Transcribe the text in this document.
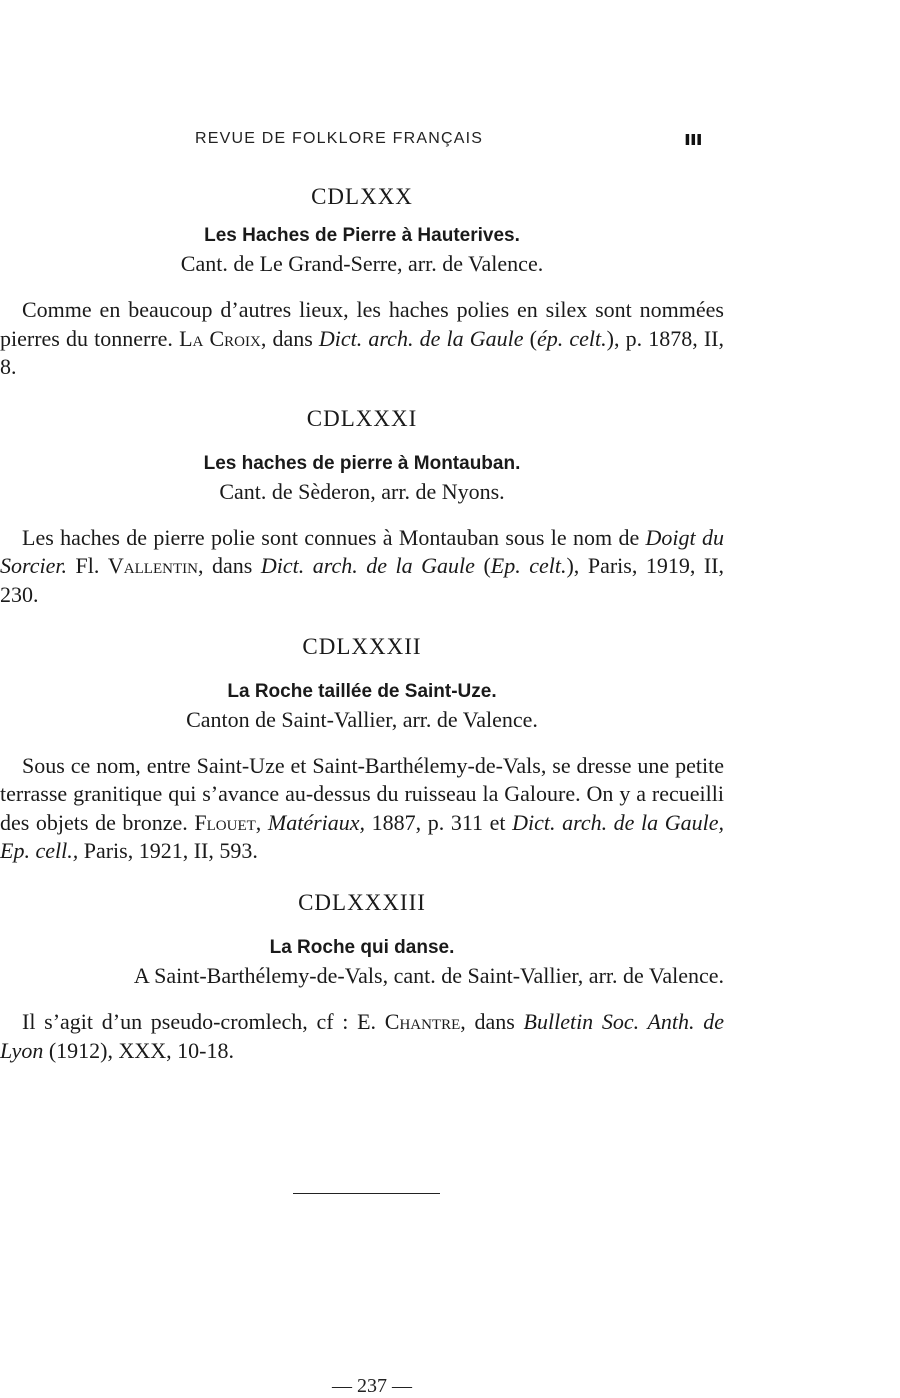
REVUE DE FOLKLORE FRANÇAIS	ııı
CDLXXX
Les Haches de Pierre à Hauterives.
Cant. de Le Grand-Serre, arr. de Valence.
Comme en beaucoup d’autres lieux, les haches polies en silex sont nommées pierres du tonnerre. La Croix, dans Dict. arch. de la Gaule (ép. celt.), p. 1878, II, 8.
CDLXXXI
Les haches de pierre à Montauban.
Cant. de Sèderon, arr. de Nyons.
Les haches de pierre polie sont connues à Montauban sous le nom de Doigt du Sorcier. Fl. Vallentin, dans Dict. arch. de la Gaule (Ep. celt.), Paris, 1919, II, 230.
CDLXXXII
La Roche taillée de Saint-Uze.
Canton de Saint-Vallier, arr. de Valence.
Sous ce nom, entre Saint-Uze et Saint-Barthélemy-de-Vals, se dresse une petite terrasse granitique qui s’avance au-dessus du ruisseau la Galoure. On y a recueilli des objets de bronze. Flouet, Matériaux, 1887, p. 311 et Dict. arch. de la Gaule, Ep. cell., Paris, 1921, II, 593.
CDLXXXIII
La Roche qui danse.
A Saint-Barthélemy-de-Vals, cant. de Saint-Vallier, arr. de Valence.
Il s’agit d’un pseudo-cromlech, cf : E. Chantre, dans Bulletin Soc. Anth. de Lyon (1912), XXX, 10-18.
— 237 —
